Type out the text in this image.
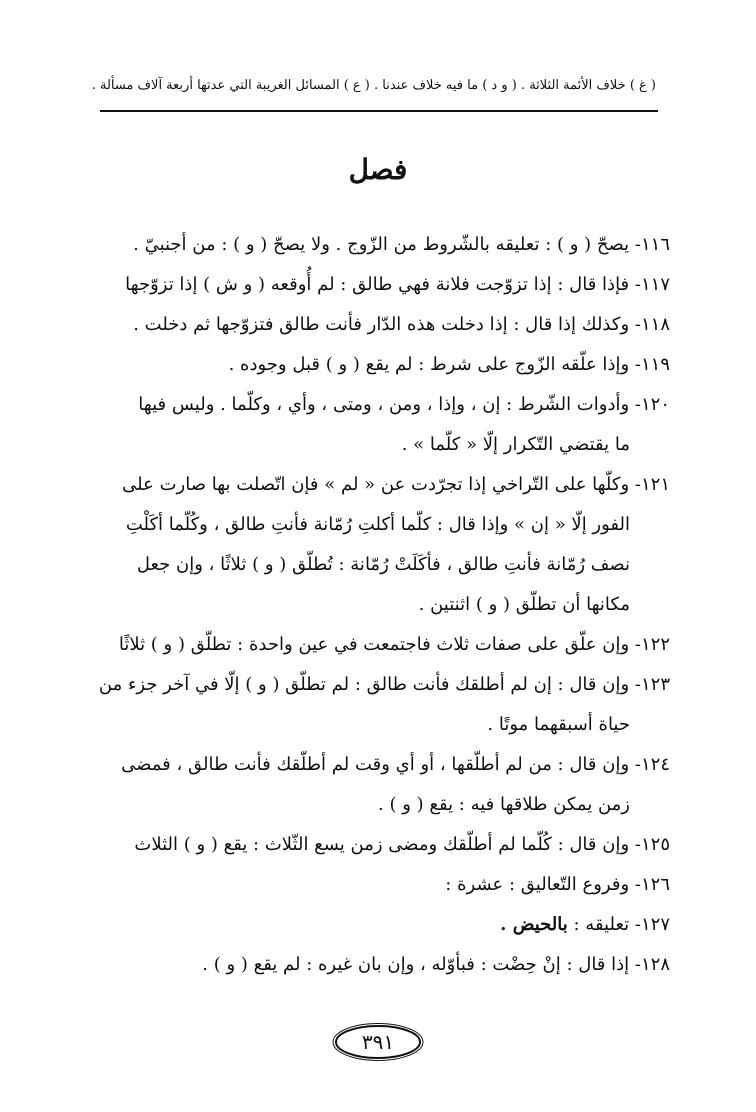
( غ ) خلاف الأئمة الثلاثة . ( و د ) ما فيه خلاف عندنا . ( ع ) المسائل الغريبة التي عدتها أربعة آلاف مسألة .
فصل
١١٦- يصحّ ( و ) : تعليقه بالشّروط من الزّوج . ولا يصحّ ( و ) : من أجنبيّ .
١١٧- فإذا قال : إذا تزوّجت فلانة فهي طالق : لم أُوقعه ( و ش ) إذا تزوّجها
١١٨- وكذلك إذا قال : إذا دخلت هذه الدّار فأنت طالق فتزوّجها ثم دخلت .
١١٩- وإذا علّقه الزّوج على شرط : لم يقع ( و ) قبل وجوده .
١٢٠- وأدوات الشّرط : إن ، وإذا ، ومن ، ومتى ، وأي ، وكلّما . وليس فيها
ما يقتضي التّكرار إلّا « كلّما » .
١٢١- وكلّها على التّراخي إذا تجرّدت عن « لم » فإن اتّصلت بها صارت على
الفور إلّا « إن » وإذا قال : كلّما أكلتِ رُمّانة فأنتِ طالق ، وكُلّما أكَلْتِ
نصف رُمّانة فأنتِ طالق ، فأكَلَتْ رُمّانة : تُطلّق ( و ) ثلاثًا ، وإن جعل
مكانها أن تطلّق ( و ) اثنتين .
١٢٢- وإن علّق على صفات ثلاث فاجتمعت في عين واحدة : تطلّق ( و ) ثلاثًا
١٢٣- وإن قال : إن لم أطلقك فأنت طالق : لم تطلّق ( و ) إلّا في آخر جزء من
حياة أسبقهما موتًا .
١٢٤- وإن قال : من لم أطلّقها ، أو أي وقت لم أطلّقك فأنت طالق ، فمضى
زمن يمكن طلاقها فيه : يقع ( و ) .
١٢٥- وإن قال : كُلّما لم أطلّقك ومضى زمن يسع الثّلاث : يقع ( و ) الثلاث
١٢٦- وفروع التّعاليق : عشرة :
١٢٧- تعليقه : بالحيض .
١٢٨- إذا قال : إنْ حِضْت : فبأوّله ، وإن بان غيره : لم يقع ( و ) .
٣٩١
